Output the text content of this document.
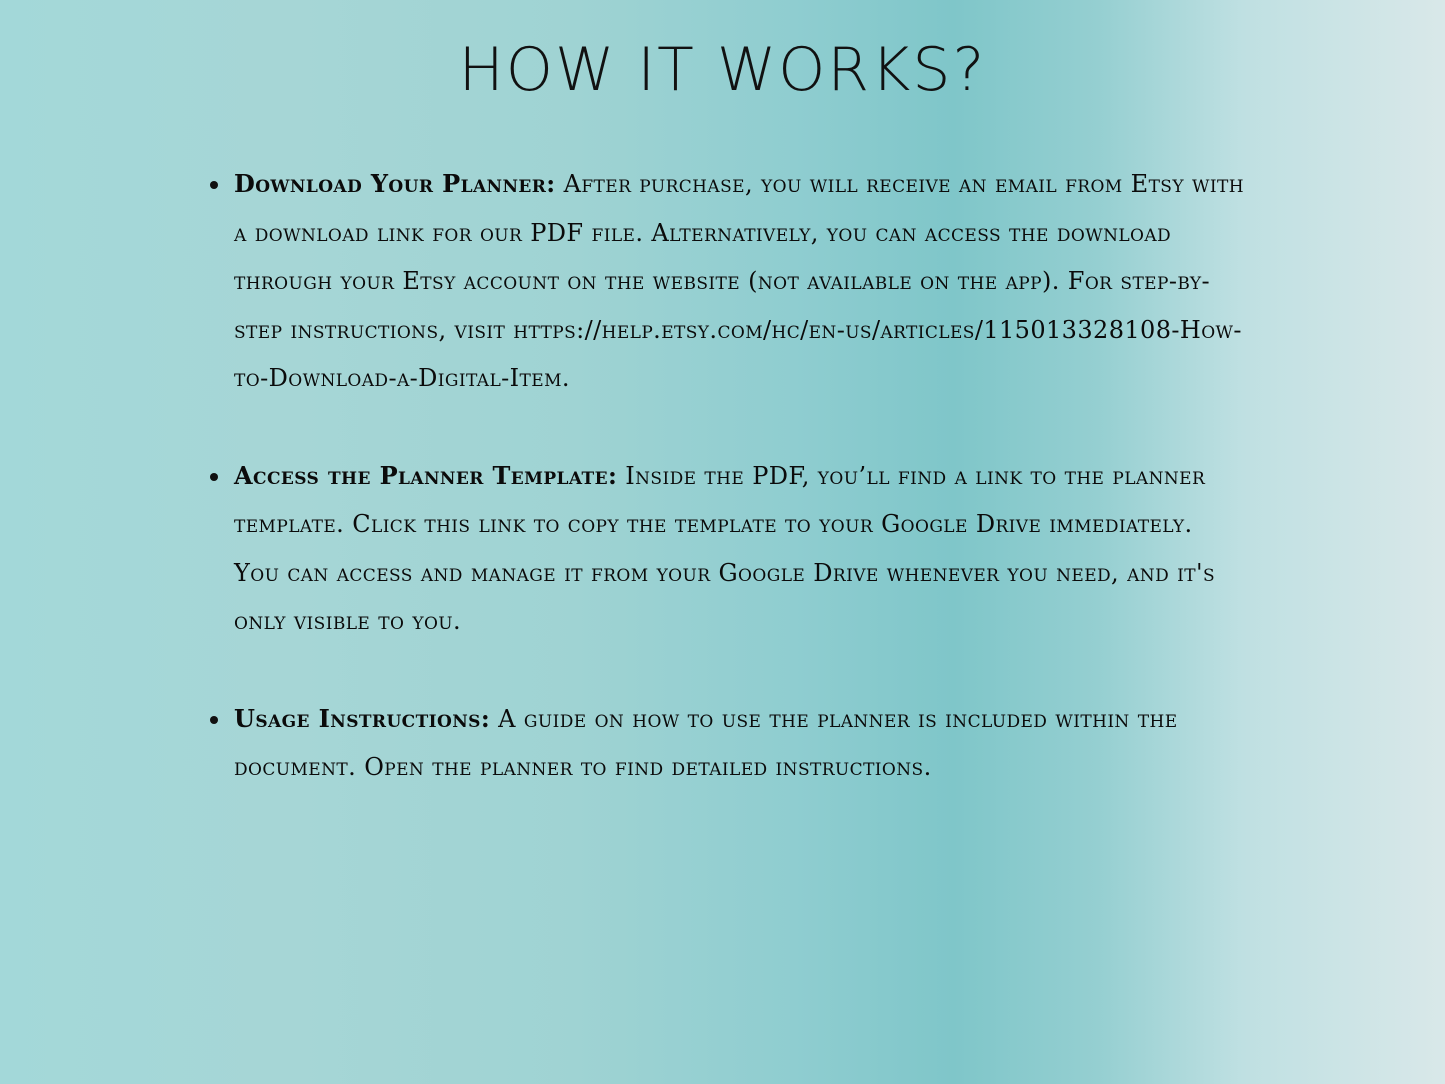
HOW IT WORKS?
Download Your Planner: After purchase, you will receive an email from Etsy with a download link for our PDF file. Alternatively, you can access the download through your Etsy account on the website (not available on the app). For step-by-step instructions, visit https://help.etsy.com/hc/en-us/articles/115013328108-How-to-Download-a-Digital-Item.
Access the Planner Template: Inside the PDF, you’ll find a link to the planner template. Click this link to copy the template to your Google Drive immediately. You can access and manage it from your Google Drive whenever you need, and it's only visible to you.
Usage Instructions: A guide on how to use the planner is included within the document. Open the planner to find detailed instructions.
